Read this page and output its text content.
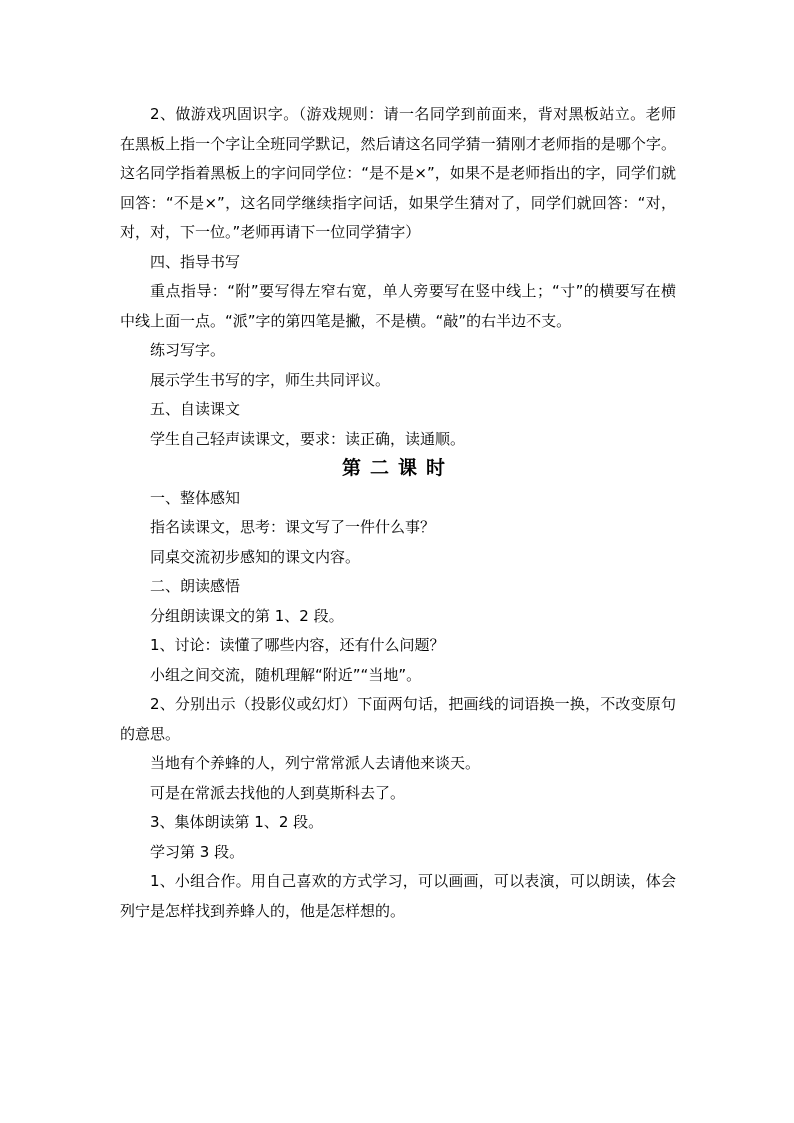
2、做游戏巩固识字。（游戏规则：请一名同学到前面来，背对黑板站立。老师在黑板上指一个字让全班同学默记，然后请这名同学猜一猜刚才老师指的是哪个字。这名同学指着黑板上的字问同学位：“是不是×”，如果不是老师指出的字，同学们就回答：“不是×”，这名同学继续指字问话，如果学生猜对了，同学们就回答：“对，对，对，下一位。”老师再请下一位同学猜字）

四、指导书写

重点指导：“附”要写得左窄右宽，单人旁要写在竖中线上；“寸”的横要写在横中线上面一点。“派”字的第四笔是撇，不是横。“敲”的右半边不支。

练习写字。

展示学生书写的字，师生共同评议。

五、自读课文

学生自己轻声读课文，要求：读正确，读通顺。

第二课时

一、整体感知

指名读课文，思考：课文写了一件什么事？

同桌交流初步感知的课文内容。

二、朗读感悟

分组朗读课文的第 1、2 段。

1、讨论：读懂了哪些内容，还有什么问题？

小组之间交流，随机理解“附近”“当地”。

2、分别出示（投影仪或幻灯）下面两句话，把画线的词语换一换，不改变原句的意思。

当地有个养蜂的人，列宁常常派人去请他来谈天。

可是在常派去找他的人到莫斯科去了。

3、集体朗读第 1、2 段。

学习第 3 段。

1、小组合作。用自己喜欢的方式学习，可以画画，可以表演，可以朗读，体会列宁是怎样找到养蜂人的，他是怎样想的。
